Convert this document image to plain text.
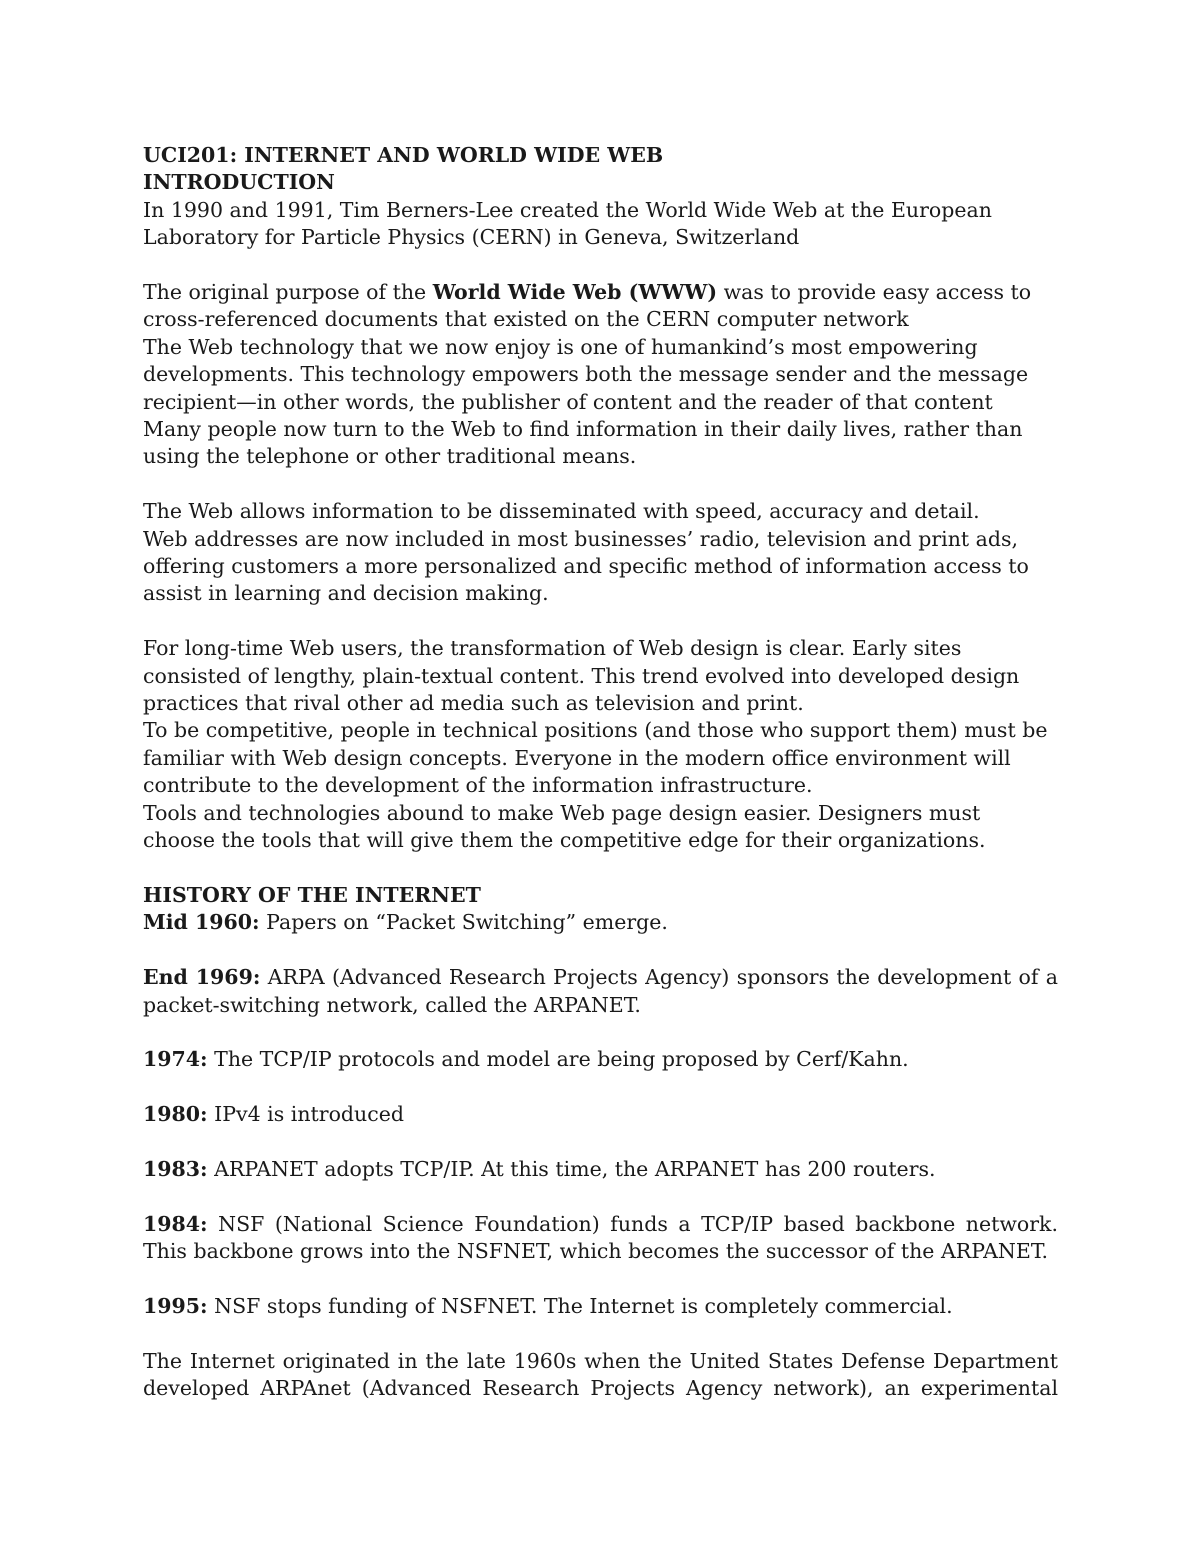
UCI201: INTERNET AND WORLD WIDE WEB

INTRODUCTION

In 1990 and 1991, Tim Berners-Lee created the World Wide Web at the European Laboratory for Particle Physics (CERN) in Geneva, Switzerland

The original purpose of the World Wide Web (WWW) was to provide easy access to cross-referenced documents that existed on the CERN computer network

The Web technology that we now enjoy is one of humankind’s most empowering developments. This technology empowers both the message sender and the message recipient—in other words, the publisher of content and the reader of that content

Many people now turn to the Web to find information in their daily lives, rather than using the telephone or other traditional means.

The Web allows information to be disseminated with speed, accuracy and detail.

Web addresses are now included in most businesses’ radio, television and print ads, offering customers a more personalized and specific method of information access to assist in learning and decision making.

For long-time Web users, the transformation of Web design is clear. Early sites consisted of lengthy, plain-textual content. This trend evolved into developed design practices that rival other ad media such as television and print.

To be competitive, people in technical positions (and those who support them) must be familiar with Web design concepts. Everyone in the modern office environment will contribute to the development of the information infrastructure.

Tools and technologies abound to make Web page design easier. Designers must choose the tools that will give them the competitive edge for their organizations.

HISTORY OF THE INTERNET

Mid 1960: Papers on “Packet Switching” emerge.

End 1969: ARPA (Advanced Research Projects Agency) sponsors the development of a packet-switching network, called the ARPANET.

1974: The TCP/IP protocols and model are being proposed by Cerf/Kahn.

1980: IPv4 is introduced

1983: ARPANET adopts TCP/IP. At this time, the ARPANET has 200 routers.

1984: NSF (National Science Foundation) funds a TCP/IP based backbone network. This backbone grows into the NSFNET, which becomes the successor of the ARPANET.

1995: NSF stops funding of NSFNET. The Internet is completely commercial.

The Internet originated in the late 1960s when the United States Defense Department

developed ARPAnet (Advanced Research Projects Agency network), an experimental
